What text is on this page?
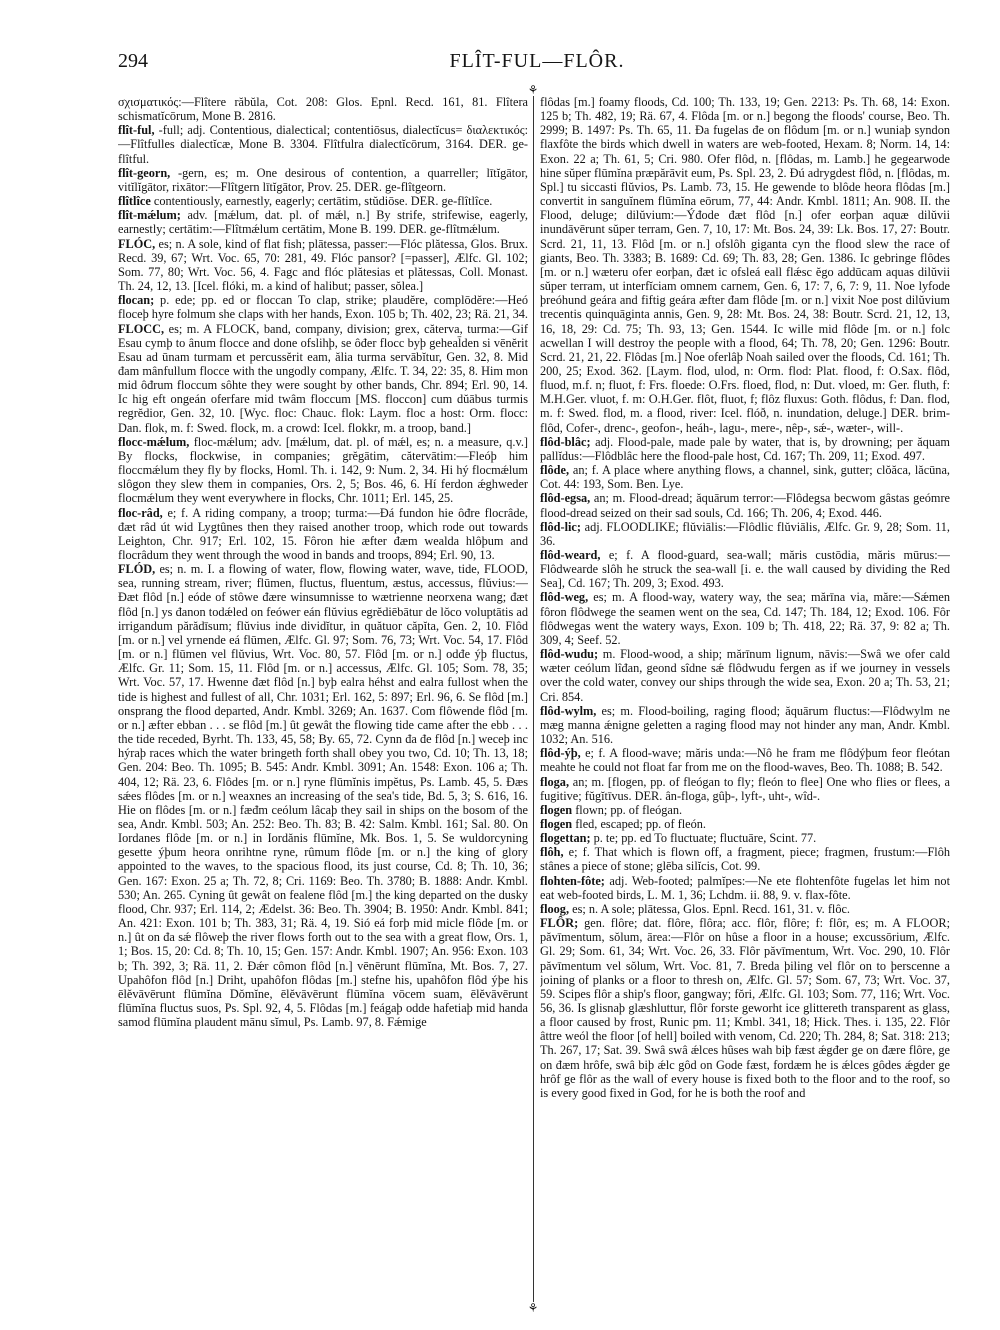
294	FLÎT-FUL—FLÔR.
⚘
⚘

σχισματικός:—Flîtere răbŭla, Cot. 208: Glos. Epnl. Recd. 161, 81. Flîtera schismatĭcōrum, Mone B. 2816.

flît-ful, -full; adj. Contentious, dialectical; contentiōsus, dialectĭcus= διαλεκτικός:—Flîtfulles dialectĭcæ, Mone B. 3304. Flîtfulra dialectĭcōrum, 3164. DER. ge-flîtful.

flît-georn, -gern, es; m. One desirous of contention, a quarreller; lītĭgātor, vitĭlĭgātor, rixātor:—Flîtgern lītĭgātor, Prov. 25. DER. ge-flîtgeorn.

flîtlîce contentiously, earnestly, eagerly; certātim, stŭdiōse. DER. ge-flîtlîce.

flît-mǽlum; adv. [mǽlum, dat. pl. of mǽl, n.] By strife, strifewise, eagerly, earnestly; certātim:—Flîtmǽlum certātim, Mone B. 199. DER. ge-flîtmǽlum.

FLÓC, es; n. A sole, kind of flat fish; plātessa, passer:—Flóc plătessa, Glos. Brux. Recd. 39, 67; Wrt. Voc. 65, 70: 281, 49. Flóc pansor? [=passer], Ælfc. Gl. 102; Som. 77, 80; Wrt. Voc. 56, 4. Fagc and flóc plătesias et plătessas, Coll. Monast. Th. 24, 12, 13. [Icel. flóki, m. a kind of halibut; passer, sŏlea.]

flocan; p. ede; pp. ed or floccan To clap, strike; plaudĕre, complōdĕre:—Heó floceþ hyre folmum she claps with her hands, Exon. 105 b; Th. 402, 23; Rä. 21, 34.

FLOCC, es; m. A FLOCK, band, company, division; grex, cătervа, turma:—Gif Esau cymþ to ânum flocce and done ofslihþ, se ôđer flocc byþ geheal̄den si vēnĕrit Esau ad ūnam turmam et percussĕrit eam, ălia turma servābĭtur, Gen. 32, 8. Mid đam mânfullum flocce with the ungodly company, Ælfc. T. 34, 22: 35, 8. Him mon mid ôđrum floccum sôhte they were sought by other bands, Chr. 894; Erl. 90, 14. Ic hig eft ongeán oferfare mid twâm floccum [MS. floccon] cum dŭābus turmis regrĕdior, Gen. 32, 10. [Wyc. floc: Chauc. flok: Laym. floc a host: Orm. flocc: Dan. flok, m. f: Swed. flock, m. a crowd: Icel. flokkr, m. a troop, band.]

flocc-mǽlum, floc-mǽlum; adv. [mǽlum, dat. pl. of mǽl, es; n. a measure, q.v.] By flocks, flockwise, in companies; grĕgātim, cătervātim:—Fleóþ him floccmǽlum they fly by flocks, Homl. Th. i. 142, 9: Num. 2, 34. Hi hý flocmǽlum slôgon they slew them in companies, Ors. 2, 5; Bos. 46, 6. Hí ferdon ǽghweder flocmǽlum they went everywhere in flocks, Chr. 1011; Erl. 145, 25.

floc-râd, e; f. A riding company, a troop; turma:—Đá fundon hie ôđre flocrâde, đæt râd út wid Lygtûnes then they raised another troop, which rode out towards Leighton, Chr. 917; Erl. 102, 15. Fôron hie æfter đæm wealda hlôþum and flocrâdum they went through the wood in bands and troops, 894; Erl. 90, 13.

FLÓD, es; n. m. I. a flowing of water, flow, flowing water, wave, tide, FLOOD, sea, running stream, river; flūmen, fluctus, fluentum, æstus, accessus, flŭvius:—Đæt flôd [n.] eóde of stôwe đære winsumnisse to wætriennе neorxena wang; đæt flôd [n.] ys đanon todǽled on feówer eán flŭvius egrĕdiēbātur de lŏco voluptātis ad irrigandum părădīsum; flŭvius inde dividĭtur, in quătuor căpĭta, Gen. 2, 10. Flôd [m. or n.] vel yrnende eá flūmen, Ælfc. Gl. 97; Som. 76, 73; Wrt. Voc. 54, 17. Flôd [m. or n.] flūmen vel flŭvius, Wrt. Voc. 80, 57. Flôd [m. or n.] odđe ýþ fluctus, Ælfc. Gr. 11; Som. 15, 11. Flôd [m. or n.] accessus, Ælfc. Gl. 105; Som. 78, 35; Wrt. Voc. 57, 17. Hwenne đæt flôd [n.] byþ ealra héhst and ealra fullost when the tide is highest and fullest of all, Chr. 1031; Erl. 162, 5: 897; Erl. 96, 6. Se flôd [m.] onsprang the flood departed, Andr. Kmbl. 3269; An. 1637. Com flôwende flôd [m. or n.] æfter ebban . . . se flôd [m.] ût gewât the flowing tide came after the ebb . . . the tide receded, Byrht. Th. 133, 45, 58; By. 65, 72. Cynn đa đe flôd [n.] weceþ inc hýraþ races which the water bringeth forth shall obey you two, Cd. 10; Th. 13, 18; Gen. 204: Beo. Th. 1095; B. 545: Andr. Kmbl. 3091; An. 1548: Exon. 106 a; Th. 404, 12; Rä. 23, 6. Flôdes [m. or n.] ryne flūmĭnis impĕtus, Ps. Lamb. 45, 5. Đæs sǽes flôdes [m. or n.] weaxnes an increasing of the sea's tide, Bd. 5, 3; S. 616, 16. Hie on flôdes [m. or n.] fæđm ceólum lâcaþ they sail in ships on the bosom of the sea, Andr. Kmbl. 503; An. 252: Beo. Th. 83; B. 42: Salm. Kmbl. 161; Sal. 80. On Iordanes flôde [m. or n.] in Iordănis flūmĭne, Mk. Bos. 1, 5. Se wuldorcyning gesette ýþum heora onrihtne ryne, rûmum flôde [m. or n.] the king of glory appointed to the waves, to the spacious flood, its just course, Cd. 8; Th. 10, 36; Gen. 167: Exon. 25 a; Th. 72, 8; Cri. 1169: Beo. Th. 3780; B. 1888: Andr. Kmbl. 530; An. 265. Cyning ût gewât on fealene flôd [m.] the king departed on the dusky flood, Chr. 937; Erl. 114, 2; Ædelst. 36: Beo. Th. 3904; B. 1950: Andr. Kmbl. 841; An. 421: Exon. 101 b; Th. 383, 31; Rä. 4, 19. Sió eá forþ mid micle flôde [m. or n.] ût on đa sǽ flôweþ the river flows forth out to the sea with a great flow, Ors. 1, 1; Bos. 15, 20: Cd. 8; Th. 10, 15; Gen. 157: Andr. Kmbl. 1907; An. 956: Exon. 103 b; Th. 392, 3; Rä. 11, 2. Đǽr cômon flôd [n.] vēnērunt flūmĭna, Mt. Bos. 7, 27. Upahôfon flôd [n.] Driht, upahôfon flôdas [m.] stefne his, upahôfon flôd ýþe his ēlĕvāvērunt flūmĭna Dŏmĭne, ēlĕvāvērunt flūmĭna vōcem suam, ēlĕvāvērunt flūmĭna fluctus suos, Ps. Spl. 92, 4, 5. Flôdas [m.] feágaþ odde hafetiaþ mid handa samod flūmĭna plaudent mānu sĭmul, Ps. Lamb. 97, 8. Fǽmige

flôdas [m.] foamy floods, Cd. 100; Th. 133, 19; Gen. 2213: Ps. Th. 68, 14: Exon. 125 b; Th. 482, 19; Rä. 67, 4. Flôda [m. or n.] begong the floods' course, Beo. Th. 2999; B. 1497: Ps. Th. 65, 11. Đa fugelas đe on flôdum [m. or n.] wuniaþ syndon flaxfôte the birds which dwell in waters are web-footed, Hexam. 8; Norm. 14, 14: Exon. 22 a; Th. 61, 5; Cri. 980. Ofer flôd, n. [flôdas, m. Lamb.] he gegearwode hine sŭper flūmĭna præpărāvit eum, Ps. Spl. 23, 2. Đú adrygdest flôd, n. [flôdas, m. Spl.] tu siccasti flŭvios, Ps. Lamb. 73, 15. He gewende to blôde heora flôdas [m.] convertit in sanguĭnem flūmĭna eōrum, 77, 44: Andr. Kmbl. 1811; An. 908. II. the Flood, deluge; dilŭvium:—Ýđode đæt flôd [n.] ofer eorþan aquæ dilŭvii inundāvērunt sŭper terram, Gen. 7, 10, 17: Mt. Bos. 24, 39: Lk. Bos. 17, 27: Boutr. Scrd. 21, 11, 13. Flôd [m. or n.] ofslôh giganta cyn the flood slew the race of giants, Beo. Th. 3383; B. 1689: Cd. 69; Th. 83, 28; Gen. 1386. Ic gebringe flôdes [m. or n.] wæteru ofer eorþan, đæt ic ofsleá eall flǽsc ĕgo addūcam aquas dilŭvii sŭper terram, ut interfĭciam omnem carnem, Gen. 6, 17: 7, 6, 7: 9, 11. Noe lyfode þreóhund geára and fiftig geára æfter đam flôde [m. or n.] vixit Noe post dilŭvium trecentis quinquāgintа annis, Gen. 9, 28: Mt. Bos. 24, 38: Boutr. Scrd. 21, 12, 13, 16, 18, 29: Cd. 75; Th. 93, 13; Gen. 1544. Ic wille mid flôde [m. or n.] folc acwellan I will destroy the people with a flood, 64; Th. 78, 20; Gen. 1296: Boutr. Scrd. 21, 21, 22. Flôdas [m.] Noe oferlâþ Noah sailed over the floods, Cd. 161; Th. 200, 25; Exod. 362. [Laym. flod, ulod, n: Orm. flod: Plat. flood, f: O.Sax. flôd, fluod, m.f. n; fluot, f: Frs. floede: O.Frs. floed, flod, n: Dut. vloed, m: Ger. fluth, f: M.H.Ger. vluot, f. m: O.H.Ger. flôt, fluot, f; flôz fluxus: Goth. flôdus, f: Dan. flod, m. f: Swed. flod, m. a flood, river: Icel. flóð, n. inundation, deluge.] DER. brim-flôd, Cofer-, drenc-, geofon-, heáh-, lagu-, mere-, nêp-, sǽ-, wæter-, will-.

flôd-blâc; adj. Flood-pale, made pale by water, that is, by drowning; per ăquam pallĭdus:—Flôdblâc here the flood-pale host, Cd. 167; Th. 209, 11; Exod. 497.

flôde, an; f. A place where anything flows, a channel, sink, gutter; clŏăca, lăcūna, Cot. 44: 193, Som. Ben. Lye.

flôd-egsa, an; m. Flood-dread; ăquārum terror:—Flôdegsa becwom gâstas geómre flood-dread seized on their sad souls, Cd. 166; Th. 206, 4; Exod. 446.

flôd-lic; adj. FLOODLIKE; flŭviālis:—Flôdlic flŭviālis, Ælfc. Gr. 9, 28; Som. 11, 36.

flôd-weard, e; f. A flood-guard, sea-wall; măris custōdia, măris mūrus:—Flôdwearde slôh he struck the sea-wall [i. e. the wall caused by dividing the Red Sea], Cd. 167; Th. 209, 3; Exod. 493.

flôd-weg, es; m. A flood-way, watery way, the sea; mărīna via, măre:—Sǽmen fôron flôdwege the seamen went on the sea, Cd. 147; Th. 184, 12; Exod. 106. Fôr flôdwegas went the watery ways, Exon. 109 b; Th. 418, 22; Rä. 37, 9: 82 a; Th. 309, 4; Seef. 52.

flôd-wudu; m. Flood-wood, a ship; mărīnum lignum, nāvis:—Swâ we ofer cald wæter ceólum lîđan, geond sîdne sǽ flôdwudu fergen as if we journey in vessels over the cold water, convey our ships through the wide sea, Exon. 20 a; Th. 53, 21; Cri. 854.

flôd-wylm, es; m. Flood-boiling, raging flood; ăquārum fluctus:—Flôdwylm ne mæg manna ǽnigne geletten a raging flood may not hinder any man, Andr. Kmbl. 1032; An. 516.

flôd-ýþ, e; f. A flood-wave; măris unda:—Nô he fram me flôdýþum feor fleótan meahte he could not float far from me on the flood-waves, Beo. Th. 1088; B. 542.

floga, an; m. [flogen, pp. of fleógan to fly; fleón to flee] One who flies or flees, a fugitive; fŭgĭtīvus. DER. ân-floga, gûþ-, lyft-, uht-, wîd-.

flogen flown; pp. of fleógan.

flogen fled, escaped; pp. of fleón.

flogettan; p. te; pp. ed To fluctuate; fluctuāre, Scint. 77.

flôh, e; f. That which is flown off, a fragment, piece; fragmen, frustum:—Flôh stânes a piece of stone; glēba silĭcis, Cot. 99.

flohten-fôte; adj. Web-footed; palmĭpes:—Ne ete flohtenfôte fugelas let him not eat web-footed birds, L. M. 1, 36; Lchdm. ii. 88, 9. v. flax-fôte.

floog, es; n. A sole; plātessa, Glos. Epnl. Recd. 161, 31. v. flôc.

FLÔR; gen. flôre; dat. flôre, flôra; acc. flôr, flôre; f: flôr, es; m. A FLOOR; păvīmentum, sŏlum, ārea:—Flôr on hûse a floor in a house; excussōrium, Ælfc. Gl. 29; Som. 61, 34; Wrt. Voc. 26, 33. Flôr păvīmentum, Wrt. Voc. 290, 10. Flôr păvīmentum vel sŏlum, Wrt. Voc. 81, 7. Breda þiling vel flôr on to þerscenne a joining of planks or a floor to thresh on, Ælfc. Gl. 57; Som. 67, 73; Wrt. Voc. 37, 59. Scipes flôr a ship's floor, gangway; fŏri, Ælfc. Gl. 103; Som. 77, 116; Wrt. Voc. 56, 36. Is glisnaþ glæshluttur, flôr forste geworht ice glittereth transparent as glass, a floor caused by frost, Runic pm. 11; Kmbl. 341, 18; Hick. Thes. i. 135, 22. Flôr âttre weól the floor [of hell] boiled with venom, Cd. 220; Th. 284, 8; Sat. 318: 213; Th. 267, 17; Sat. 39. Swâ swâ ǽlces hûses wah biþ fæst ǽgđer ge on đære flôre, ge on đæm hrôfe, swâ biþ ǽlc gôd on Gode fæst, fordæm he is ǽlces gôdes ǽgder ge hrôf ge flôr as the wall of every house is fixed both to the floor and to the roof, so is every good fixed in God, for he is both the roof and
